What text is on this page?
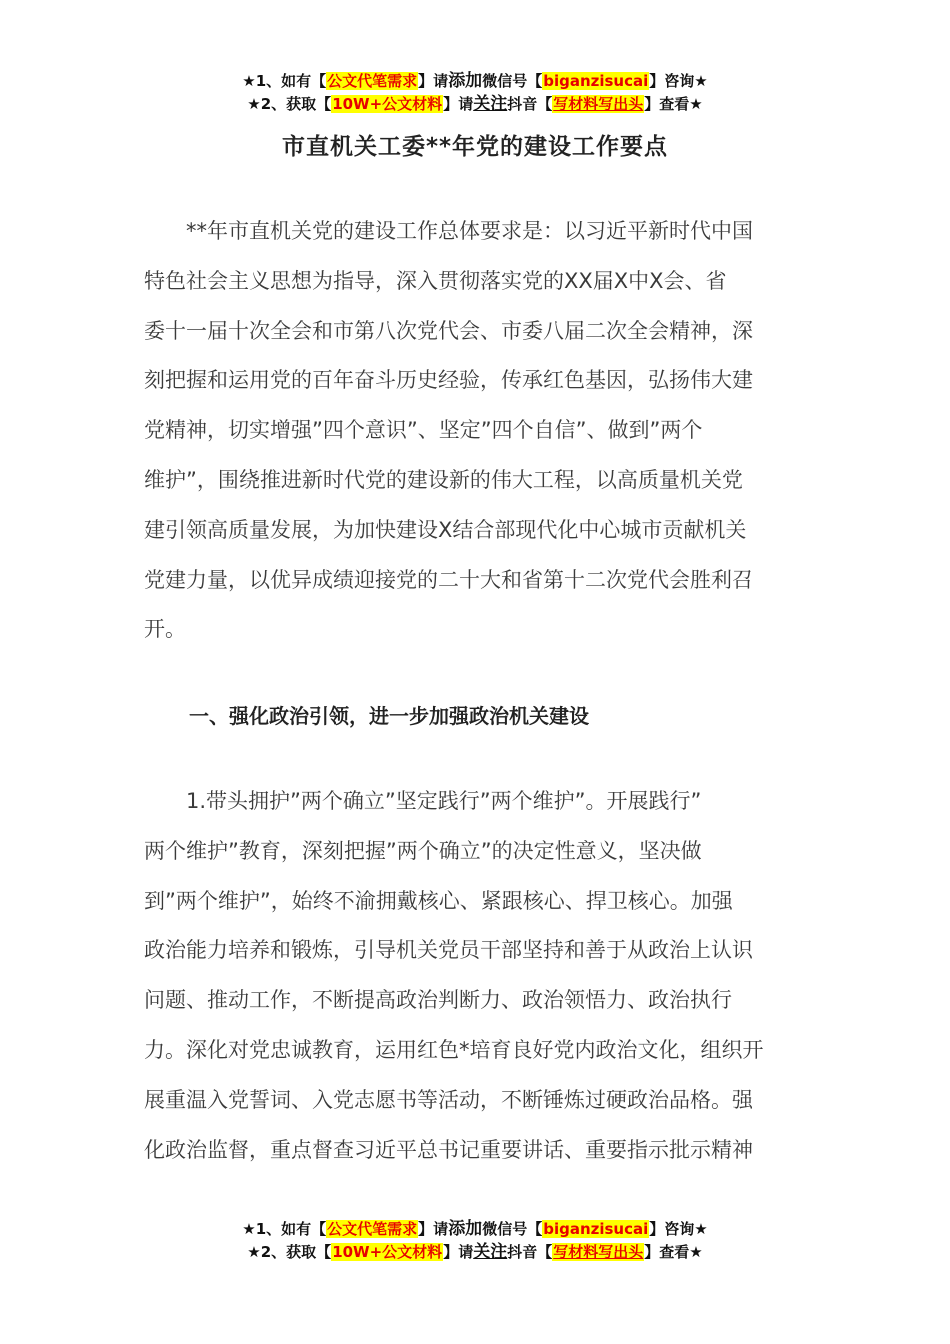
★1、如有【公文代笔需求】请添加微信号【biganzisucai】咨询★
★2、获取【10W+公文材料】请关注抖音【写材料写出头】查看★
市直机关工委**年党的建设工作要点
　　**年市直机关党的建设工作总体要求是：以习近平新时代中国
特色社会主义思想为指导，深入贯彻落实党的XX届X中X会、省
委十一届十次全会和市第八次党代会、市委八届二次全会精神，深
刻把握和运用党的百年奋斗历史经验，传承红色基因，弘扬伟大建
党精神，切实增强”四个意识”、坚定”四个自信”、做到”两个
维护”，围绕推进新时代党的建设新的伟大工程，以高质量机关党
建引领高质量发展，为加快建设X结合部现代化中心城市贡献机关
党建力量，以优异成绩迎接党的二十大和省第十二次党代会胜利召
开。
一、强化政治引领，进一步加强政治机关建设
　　1.带头拥护”两个确立”坚定践行”两个维护”。开展践行”
两个维护”教育，深刻把握”两个确立”的决定性意义，坚决做
到”两个维护”，始终不渝拥戴核心、紧跟核心、捍卫核心。加强
政治能力培养和锻炼，引导机关党员干部坚持和善于从政治上认识
问题、推动工作，不断提高政治判断力、政治领悟力、政治执行
力。深化对党忠诚教育，运用红色*培育良好党内政治文化，组织开
展重温入党誓词、入党志愿书等活动，不断锤炼过硬政治品格。强
化政治监督，重点督查习近平总书记重要讲话、重要指示批示精神
★1、如有【公文代笔需求】请添加微信号【biganzisucai】咨询★
★2、获取【10W+公文材料】请关注抖音【写材料写出头】查看★
